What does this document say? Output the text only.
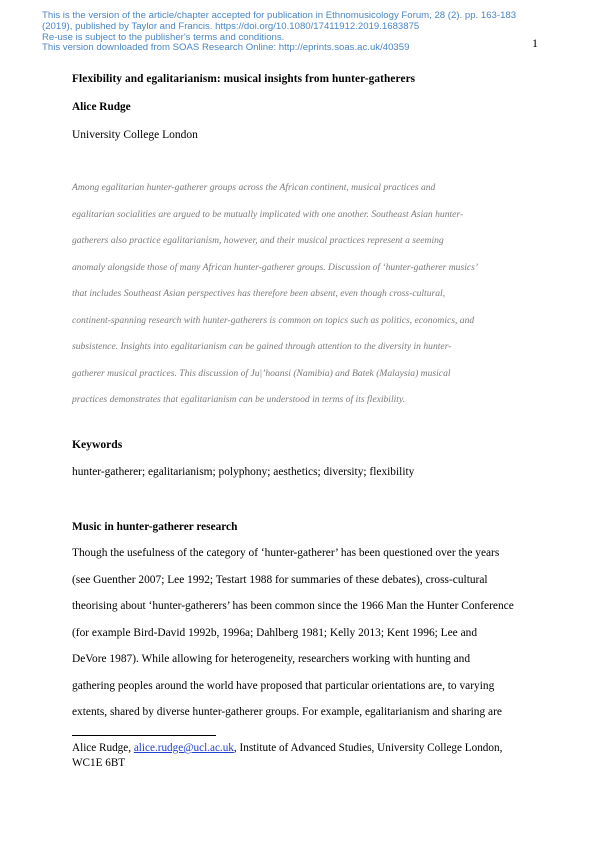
This is the version of the article/chapter accepted for publication in Ethnomusicology Forum, 28 (2). pp. 163-183
(2019), published by Taylor and Francis. https://doi.org/10.1080/17411912.2019.1683875
Re-use is subject to the publisher's terms and conditions.
This version downloaded from SOAS Research Online: http://eprints.soas.ac.uk/40359	1
Flexibility and egalitarianism: musical insights from hunter-gatherers
Alice Rudge
University College London
Among egalitarian hunter-gatherer groups across the African continent, musical practices and
egalitarian socialities are argued to be mutually implicated with one another. Southeast Asian hunter-
gatherers also practice egalitarianism, however, and their musical practices represent a seeming
anomaly alongside those of many African hunter-gatherer groups. Discussion of ‘hunter-gatherer musics’
that includes Southeast Asian perspectives has therefore been absent, even though cross-cultural,
continent-spanning research with hunter-gatherers is common on topics such as politics, economics, and
subsistence. Insights into egalitarianism can be gained through attention to the diversity in hunter-
gatherer musical practices. This discussion of Ju|’hoansi (Namibia) and Batek (Malaysia) musical
practices demonstrates that egalitarianism can be understood in terms of its flexibility.
Keywords
hunter-gatherer; egalitarianism; polyphony; aesthetics; diversity; flexibility
Music in hunter-gatherer research
Though the usefulness of the category of ‘hunter-gatherer’ has been questioned over the years
(see Guenther 2007; Lee 1992; Testart 1988 for summaries of these debates), cross-cultural
theorising about ‘hunter-gatherers’ has been common since the 1966 Man the Hunter Conference
(for example Bird-David 1992b, 1996a; Dahlberg 1981; Kelly 2013; Kent 1996; Lee and
DeVore 1987). While allowing for heterogeneity, researchers working with hunting and
gathering peoples around the world have proposed that particular orientations are, to varying
extents, shared by diverse hunter-gatherer groups. For example, egalitarianism and sharing are
Alice Rudge, alice.rudge@ucl.ac.uk, Institute of Advanced Studies, University College London,
WC1E 6BT
